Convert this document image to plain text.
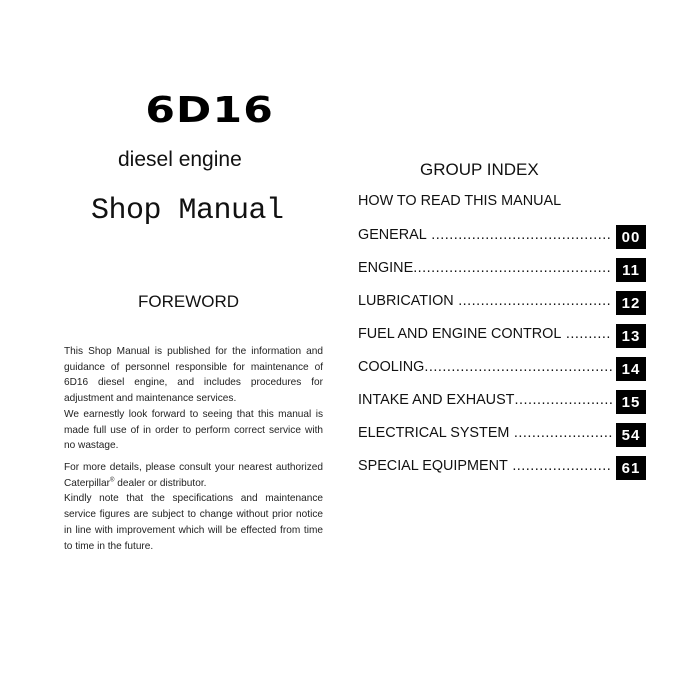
6D16
diesel engine
Shop Manual
FOREWORD
This Shop Manual is published for the information and guidance of personnel responsible for maintenance of 6D16 diesel engine, and includes procedures for adjustment and maintenance services.
We earnestly look forward to seeing that this manual is made full use of in order to perform correct service with no wastage.
For more details, please consult your nearest authorized Caterpillar® dealer or distributor.
Kindly note that the specifications and maintenance service figures are subject to change without prior notice in line with improvement which will be effected from time to time in the future.
GROUP INDEX
HOW TO READ THIS MANUAL
GENERAL .....	00
ENGINE .....	11
LUBRICATION .....	12
FUEL AND ENGINE CONTROL .....	13
COOLING .....	14
INTAKE AND EXHAUST .....	15
ELECTRICAL SYSTEM .....	54
SPECIAL EQUIPMENT .....	61
